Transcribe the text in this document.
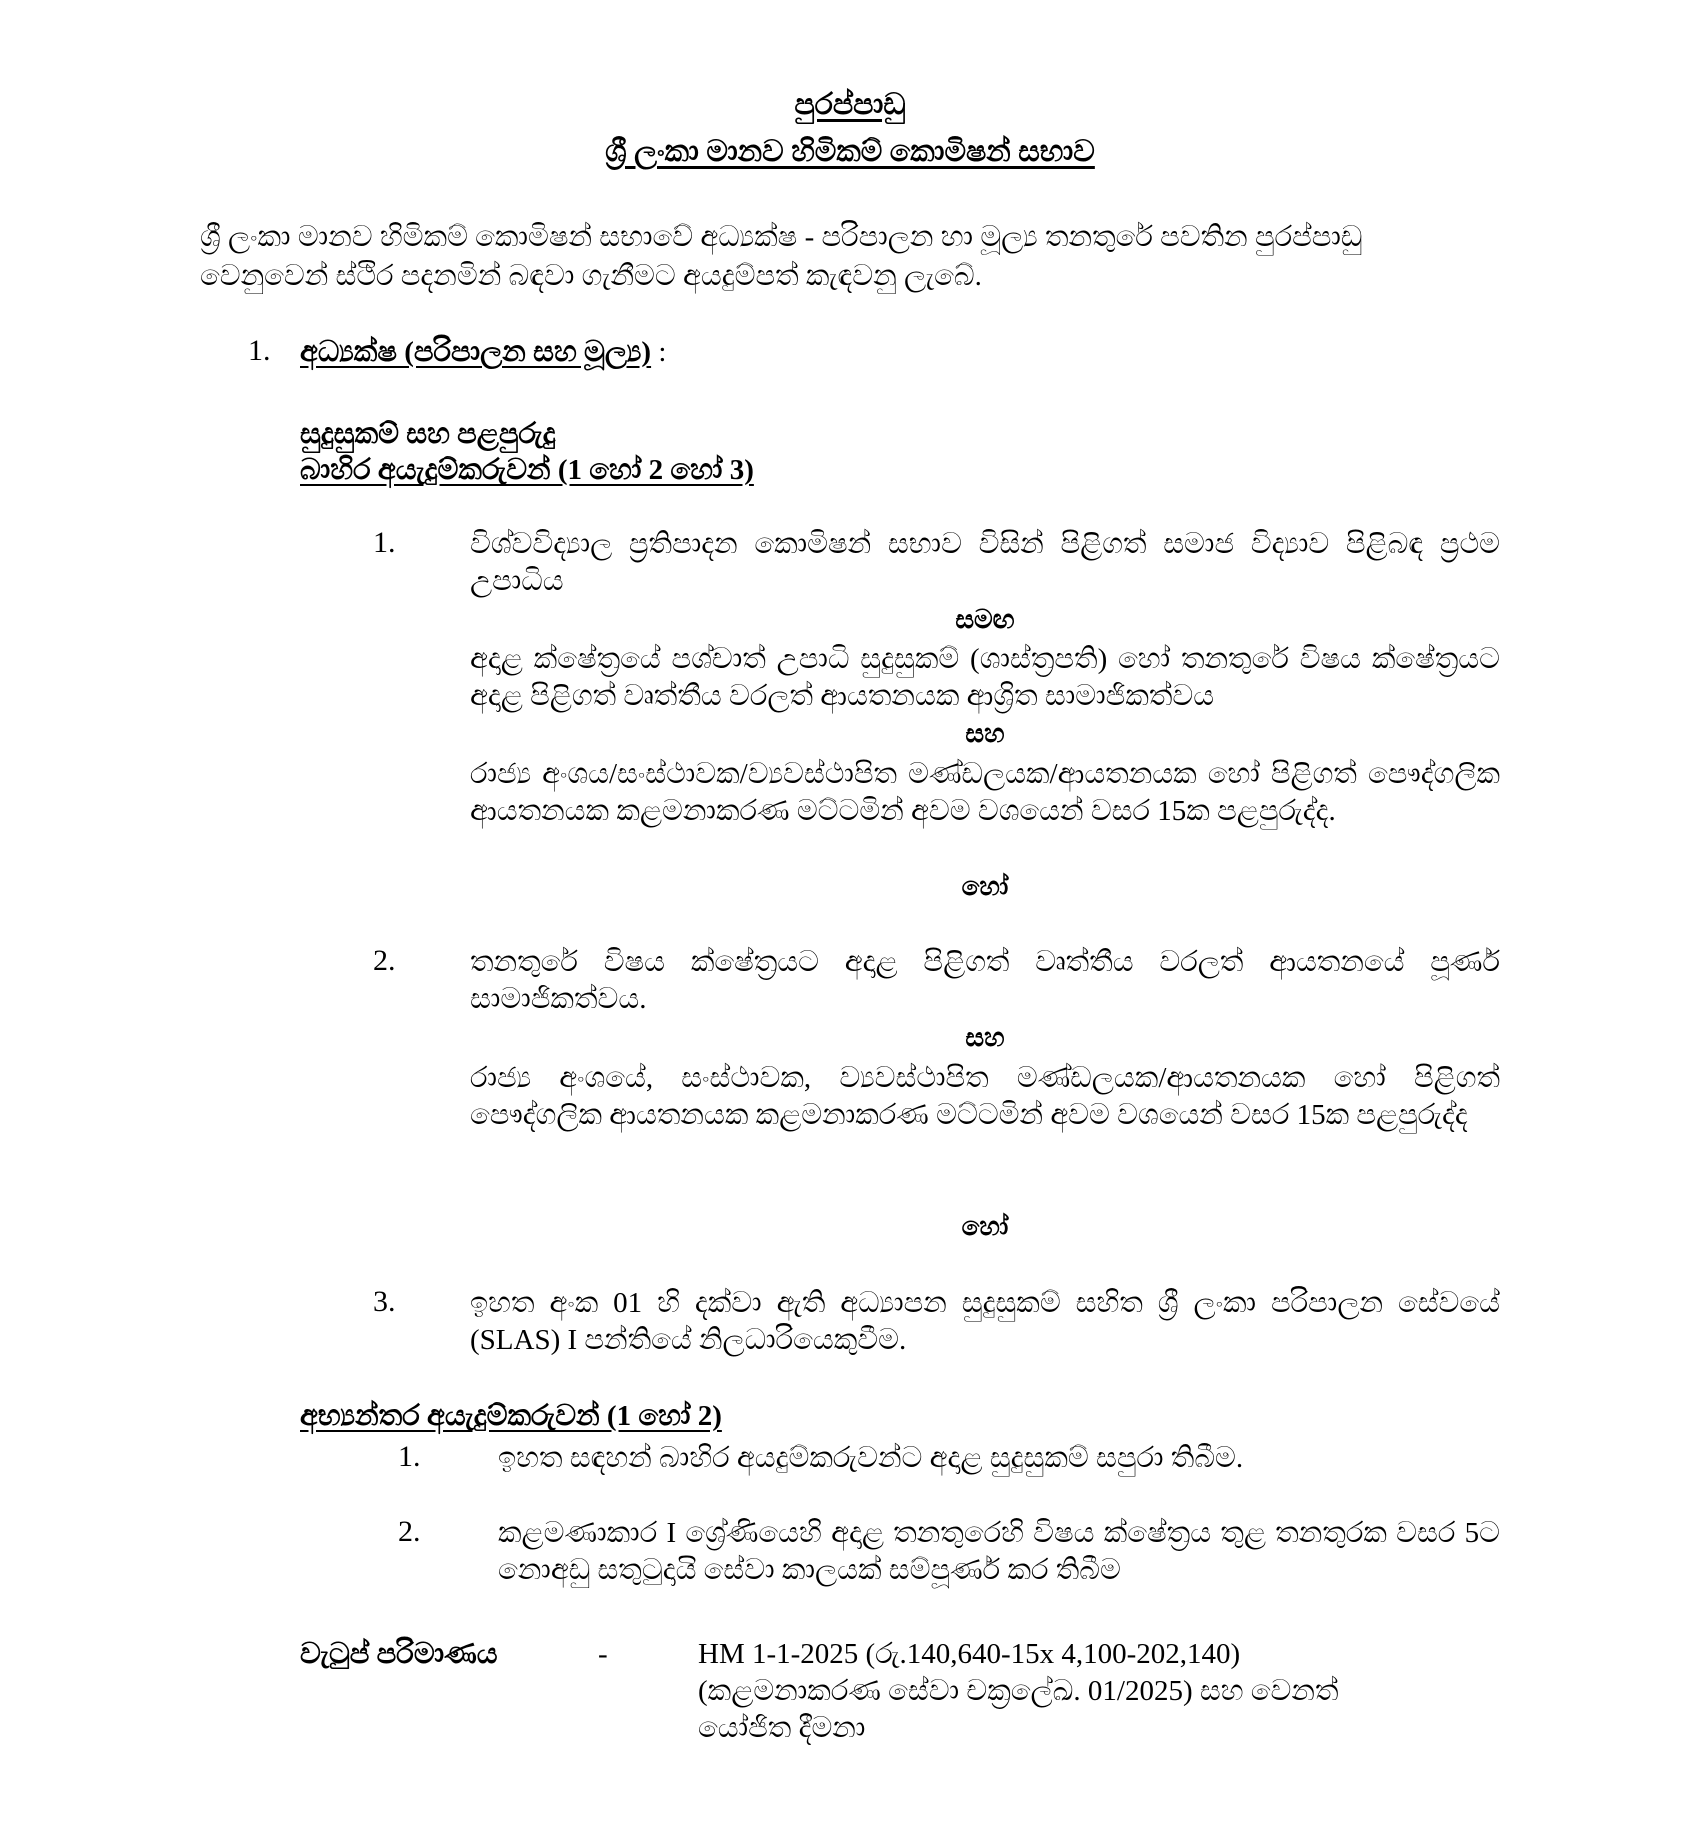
පුරප්පාඩු
ශ්‍රී ලංකා මානව හිමිකම් කොමිෂන් සභාව
ශ්‍රී ලංකා මානව හිමිකම් කොමිෂන් සභාවේ අධ්‍යක්ෂ - පරිපාලන හා මූල්‍ය තනතුරේ පවතින පුරප්පාඩු
වෙනුවෙන් ස්ථිර පදනමින් බඳවා ගැනීමට අයදුම්පත් කැඳවනු ලැබේ.
1. අධ්‍යක්ෂ (පරිපාලන සහ මූල්‍ය) :
සුදුසුකම් සහ පළපුරුදු
බාහිර අයැදුම්කරුවන් (1 හෝ 2 හෝ 3)
1.	විශ්වවිද්‍යාල ප්‍රතිපාදන කොමිෂන් සභාව විසින් පිළිගත් සමාජ විද්‍යාව පිළිබඳ ප්‍රථම උපාධිය
සමඟ
අදාළ ක්ෂේත්‍රයේ පශ්චාත් උපාධි සුදුසුකම් (ශාස්ත්‍රපති) හෝ තනතුරේ විෂය ක්ෂේත්‍රයට අදාළ පිළිගත් වෘත්තීය වරලත් ආයතනයක ආශ්‍රිත සාමාජිකත්වය
සහ
රාජ්‍ය අංශය/සංස්ථාවක/ව්‍යවස්ථාපිත මණ්ඩලයක/ආයතනයක හෝ පිළිගත් පෞද්ගලික ආයතනයක කළමනාකරණ මට්ටමින් අවම වශයෙන් වසර 15ක පළපුරුද්ද.
හෝ
2.	තනතුරේ විෂය ක්ෂේත්‍රයට අදාළ පිළිගත් වෘත්තීය වරලත් ආයතනයේ පූර්ණ සාමාජිකත්වය.
සහ
රාජ්‍ය අංශයේ, සංස්ථාවක, ව්‍යවස්ථාපිත මණ්ඩලයක/ආයතනයක හෝ පිළිගත් පෞද්ගලික ආයතනයක කළමනාකරණ මට්ටමින් අවම වශයෙන් වසර 15ක පළපුරුද්ද
හෝ
3.	ඉහත අංක 01 හි දක්වා ඇති අධ්‍යාපන සුදුසුකම් සහිත ශ්‍රී ලංකා පරිපාලන සේවයේ (SLAS) I පන්තියේ නිලධාරියෙකුවීම.
අභ්‍යන්තර අයැදුම්කරුවන් (1 හෝ 2)
1.	ඉහත සඳහන් බාහිර අයදුම්කරුවන්ට අදාළ සුදුසුකම් සපුරා තිබීම.
2.	කළමණාකාර I ශ්‍රේණියෙහි අදාළ තනතුරෙහි විෂය ක්ෂේත්‍රය තුළ තනතුරක වසර 5ට නොඅඩු සතුටුදායි සේවා කාලයක් සම්පූර්ණ කර තිබීම
වැටුප් පරිමාණය	-	HM 1-1-2025 (රු.140,640-15x 4,100-202,140)
(කළමනාකරණ සේවා චක්‍රලේඛ. 01/2025) සහ වෙනත්
යෝජිත දීමනා
